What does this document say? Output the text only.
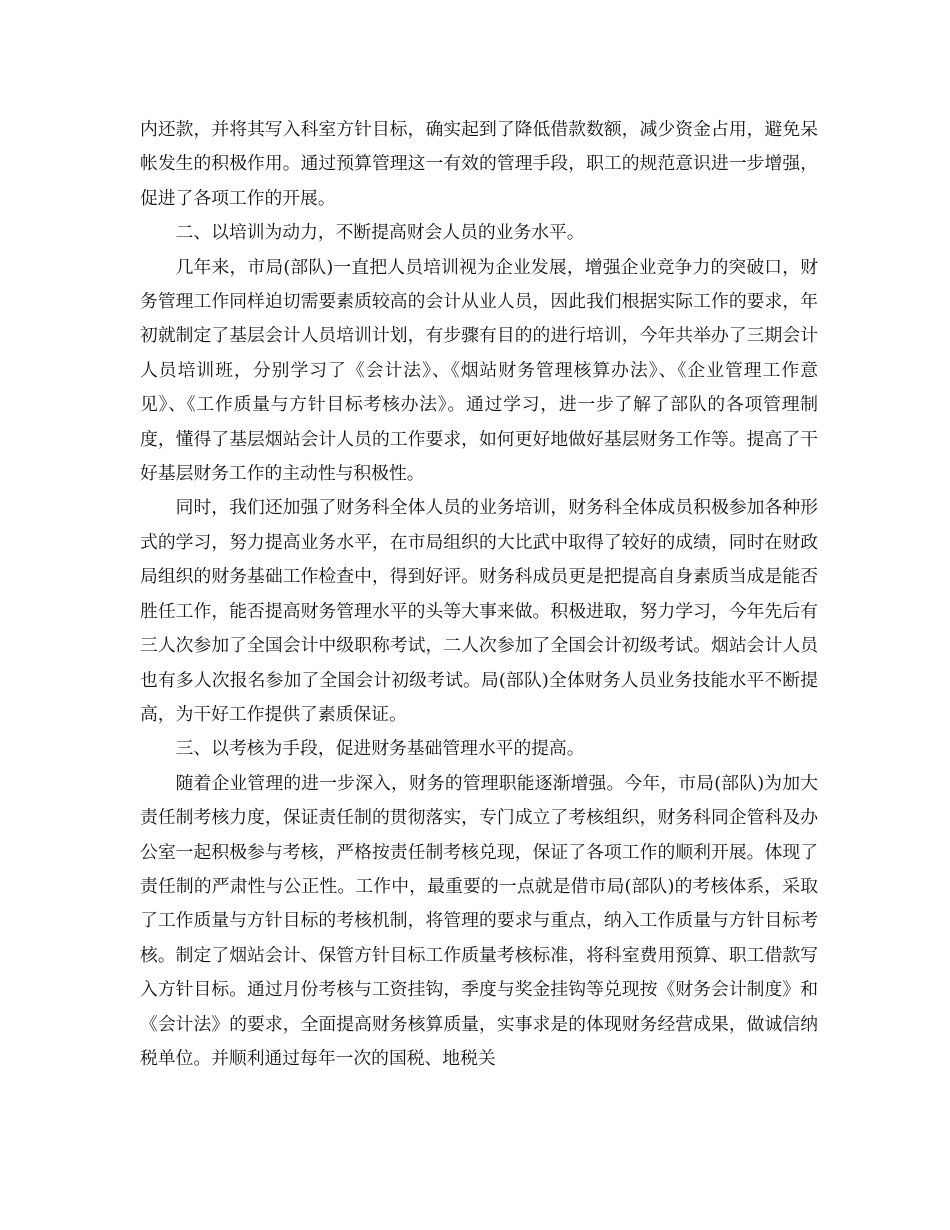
内还款，并将其写入科室方针目标，确实起到了降低借款数额，减少资金占用，避免呆帐发生的积极作用。通过预算管理这一有效的管理手段，职工的规范意识进一步增强，促进了各项工作的开展。

二、以培训为动力，不断提高财会人员的业务水平。

几年来，市局(部队)一直把人员培训视为企业发展，增强企业竞争力的突破口，财务管理工作同样迫切需要素质较高的会计从业人员，因此我们根据实际工作的要求，年初就制定了基层会计人员培训计划，有步骤有目的的进行培训，今年共举办了三期会计人员培训班，分别学习了《会计法》、《烟站财务管理核算办法》、《企业管理工作意见》、《工作质量与方针目标考核办法》。通过学习，进一步了解了部队的各项管理制度，懂得了基层烟站会计人员的工作要求，如何更好地做好基层财务工作等。提高了干好基层财务工作的主动性与积极性。

同时，我们还加强了财务科全体人员的业务培训，财务科全体成员积极参加各种形式的学习，努力提高业务水平，在市局组织的大比武中取得了较好的成绩，同时在财政局组织的财务基础工作检查中，得到好评。财务科成员更是把提高自身素质当成是能否胜任工作，能否提高财务管理水平的头等大事来做。积极进取，努力学习，今年先后有三人次参加了全国会计中级职称考试，二人次参加了全国会计初级考试。烟站会计人员也有多人次报名参加了全国会计初级考试。局(部队)全体财务人员业务技能水平不断提高，为干好工作提供了素质保证。

三、以考核为手段，促进财务基础管理水平的提高。

随着企业管理的进一步深入，财务的管理职能逐渐增强。今年，市局(部队)为加大责任制考核力度，保证责任制的贯彻落实，专门成立了考核组织，财务科同企管科及办公室一起积极参与考核，严格按责任制考核兑现，保证了各项工作的顺利开展。体现了责任制的严肃性与公正性。工作中，最重要的一点就是借市局(部队)的考核体系，采取了工作质量与方针目标的考核机制，将管理的要求与重点，纳入工作质量与方针目标考核。制定了烟站会计、保管方针目标工作质量考核标准，将科室费用预算、职工借款写入方针目标。通过月份考核与工资挂钩，季度与奖金挂钩等兑现按《财务会计制度》和《会计法》的要求，全面提高财务核算质量，实事求是的体现财务经营成果，做诚信纳税单位。并顺利通过每年一次的国税、地税关
